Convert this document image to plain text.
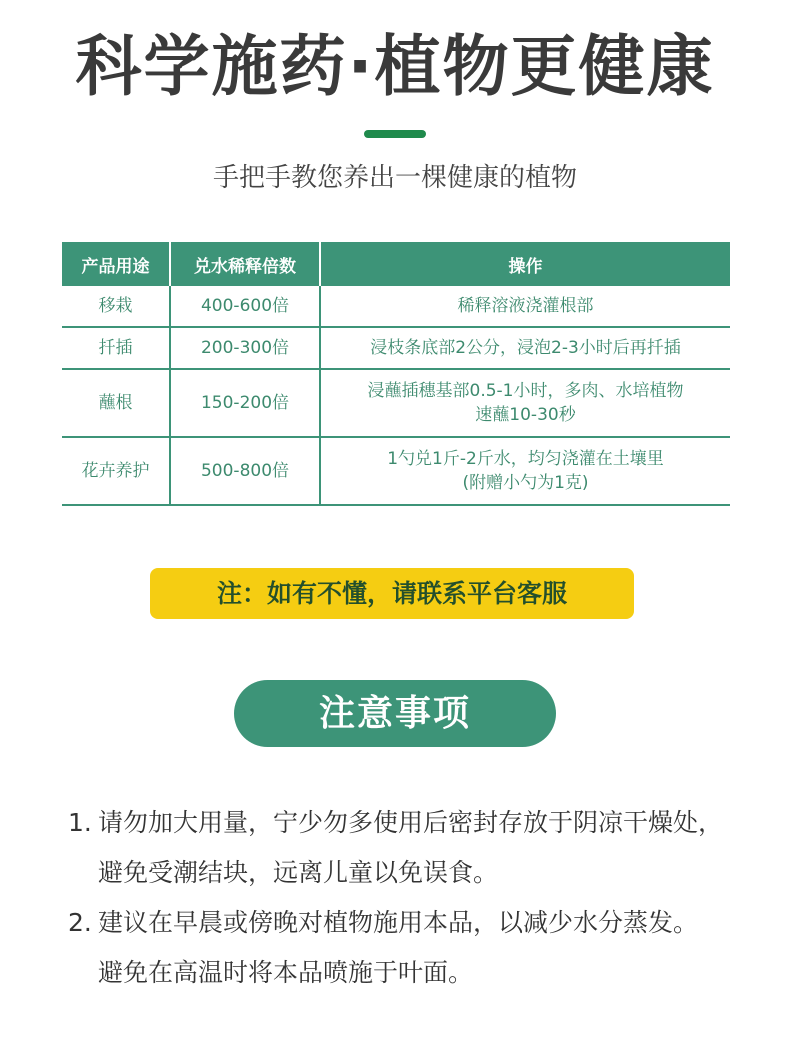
科学施药·植物更健康
手把手教您养出一棵健康的植物
产品用途	兑水稀释倍数	操作
移栽	400-600倍	稀释溶液浇灌根部

扦插	200-300倍	浸枝条底部2公分，浸泡2-3小时后再扦插

蘸根	150-200倍	浸蘸插穗基部0.5-1小时，多肉、水培植物
速蘸10-30秒

花卉养护	500-800倍	1勺兑1斤-2斤水，均匀浇灌在土壤里
(附赠小勺为1克)
注：如有不懂，请联系平台客服
注意事项
1. 请勿加大用量，宁少勿多使用后密封存放于阴凉干燥处，
避免受潮结块，远离儿童以免误食。
2. 建议在早晨或傍晚对植物施用本品，以减少水分蒸发。
避免在高温时将本品喷施于叶面。
